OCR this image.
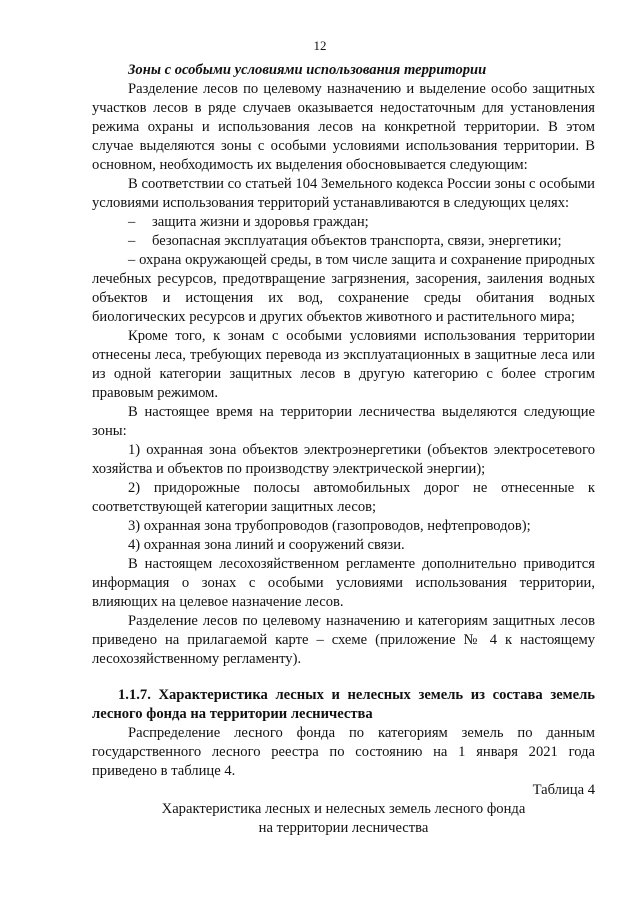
12

Зоны с особыми условиями использования территории

Разделение лесов по целевому назначению и выделение особо защитных участков лесов в ряде случаев оказывается недостаточным для установления режима охраны и использования лесов на конкретной территории. В этом случае выделяются зоны с особыми условиями использования территории. В основном, необходимость их выделения обосновывается следующим:

В соответствии со статьей 104 Земельного кодекса России зоны с особыми условиями использования территорий устанавливаются в следующих целях:

–	защита жизни и здоровья граждан;
–	безопасная эксплуатация объектов транспорта, связи, энергетики;

– охрана окружающей среды, в том числе защита и сохранение природных лечебных ресурсов, предотвращение загрязнения, засорения, заиления водных объектов и истощения их вод, сохранение среды обитания водных биологических ресурсов и других объектов животного и растительного мира;

Кроме того, к зонам с особыми условиями использования территории отнесены леса, требующих перевода из эксплуатационных в защитные леса или из одной категории защитных лесов в другую категорию с более строгим правовым режимом.

В настоящее время на территории лесничества выделяются следующие зоны:

1) охранная зона объектов электроэнергетики (объектов электросетевого хозяйства и объектов по производству электрической энергии);

2) придорожные полосы автомобильных дорог не отнесенные к соответствующей категории защитных лесов;

3) охранная зона трубопроводов (газопроводов, нефтепроводов);

4) охранная зона линий и сооружений связи.

В настоящем лесохозяйственном регламенте дополнительно приводится информация о зонах с особыми условиями использования территории, влияющих на целевое назначение лесов.

Разделение лесов по целевому назначению и категориям защитных лесов приведено на прилагаемой карте – схеме (приложение № 4 к настоящему лесохозяйственному регламенту).

1.1.7. Характеристика лесных и нелесных земель из состава земель лесного фонда на территории лесничества

Распределение лесного фонда по категориям земель по данным государственного лесного реестра по состоянию на 1 января 2021 года приведено в таблице 4.

Таблица 4

Характеристика лесных и нелесных земель лесного фонда

на территории лесничества
